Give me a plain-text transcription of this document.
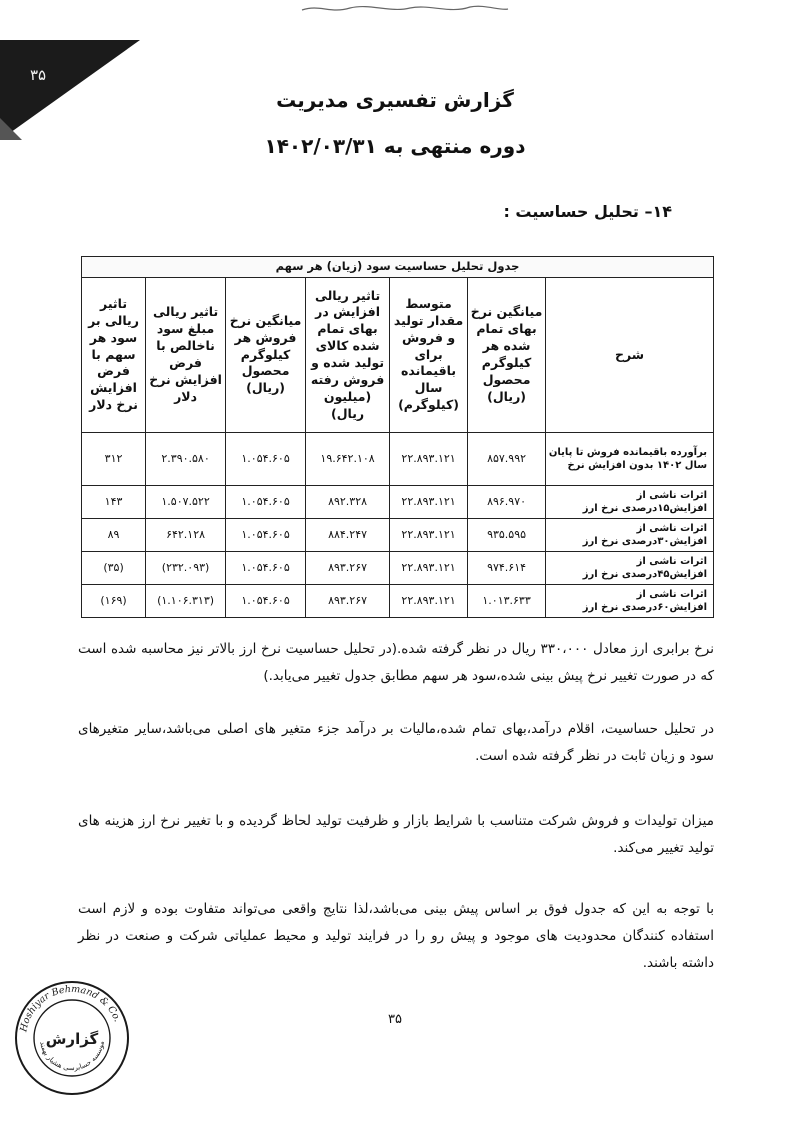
۳۵
گزارش تفسیری مدیریت
دوره منتهی به ۱۴۰۲/۰۳/۳۱
۱۴– تحلیل حساسیت :
جدول تحلیل حساسیت سود (زیان) هر سهم						
شرح	میانگین نرخ بهای تمام شده هر کیلوگرم محصول (ریال)	متوسط مقدار تولید و فروش برای باقیمانده سال (کیلوگرم)	تاثیر ریالی افزایش در بهای تمام شده کالای تولید شده و فروش رفته (میلیون ریال)	میانگین نرخ فروش هر کیلوگرم محصول (ریال)	تاثیر ریالی مبلغ سود ناخالص با فرض افزایش نرخ دلار	تاثیر ریالی بر سود هر سهم با فرض افزایش نرخ دلار
برآورده باقیمانده فروش تا پایان سال ۱۴۰۲ بدون افزایش نرخ	۸۵۷.۹۹۲	۲۲.۸۹۳.۱۲۱	۱۹.۶۴۲.۱۰۸	۱.۰۵۴.۶۰۵	۲.۳۹۰.۵۸۰	۳۱۲
اثرات ناشی از افزایش۱۵درصدی نرخ ارز	۸۹۶.۹۷۰	۲۲.۸۹۳.۱۲۱	۸۹۲.۳۲۸	۱.۰۵۴.۶۰۵	۱.۵۰۷.۵۲۲	۱۴۳
اثرات ناشی از افزایش۳۰درصدی نرخ ارز	۹۳۵.۵۹۵	۲۲.۸۹۳.۱۲۱	۸۸۴.۲۴۷	۱.۰۵۴.۶۰۵	۶۴۲.۱۲۸	۸۹
اثرات ناشی از افزایش۴۵درصدی نرخ ارز	۹۷۴.۶۱۴	۲۲.۸۹۳.۱۲۱	۸۹۳.۲۶۷	۱.۰۵۴.۶۰۵	(۲۳۲.۰۹۳)	(۳۵)
اثرات ناشی از افزایش۶۰درصدی نرخ ارز	۱.۰۱۳.۶۳۳	۲۲.۸۹۳.۱۲۱	۸۹۳.۲۶۷	۱.۰۵۴.۶۰۵	(۱.۱۰۶.۳۱۳)	(۱۶۹)
نرخ برابری ارز معادل ۳۳۰،۰۰۰ ریال در نظر گرفته شده.(در تحلیل حساسیت نرخ ارز بالاتر نیز محاسبه شده است که در صورت تغییر نرخ پیش بینی شده،سود هر سهم مطابق جدول تغییر می‌یابد.)
در تحلیل حساسیت، اقلام درآمد،بهای تمام شده،مالیات بر درآمد جزء متغیر های اصلی می‌باشد،سایر متغیرهای سود و زیان ثابت در نظر گرفته شده است.
میزان تولیدات و فروش شرکت متناسب با شرایط بازار و ظرفیت تولید لحاظ گردیده و با تغییر نرخ ارز هزینه های تولید تغییر می‌کند.
با توجه به این که جدول فوق بر اساس پیش بینی می‌باشد،لذا نتایج واقعی می‌تواند متفاوت بوده و لازم است استفاده کنندگان محدودیت های موجود و پیش رو را در فرایند تولید و محیط عملیاتی شرکت و صنعت در نظر داشته باشند.
۳۵
Hoshiyar Behmand & Co.
موسسه حسابرسی هشیار بهمند
گزارش
